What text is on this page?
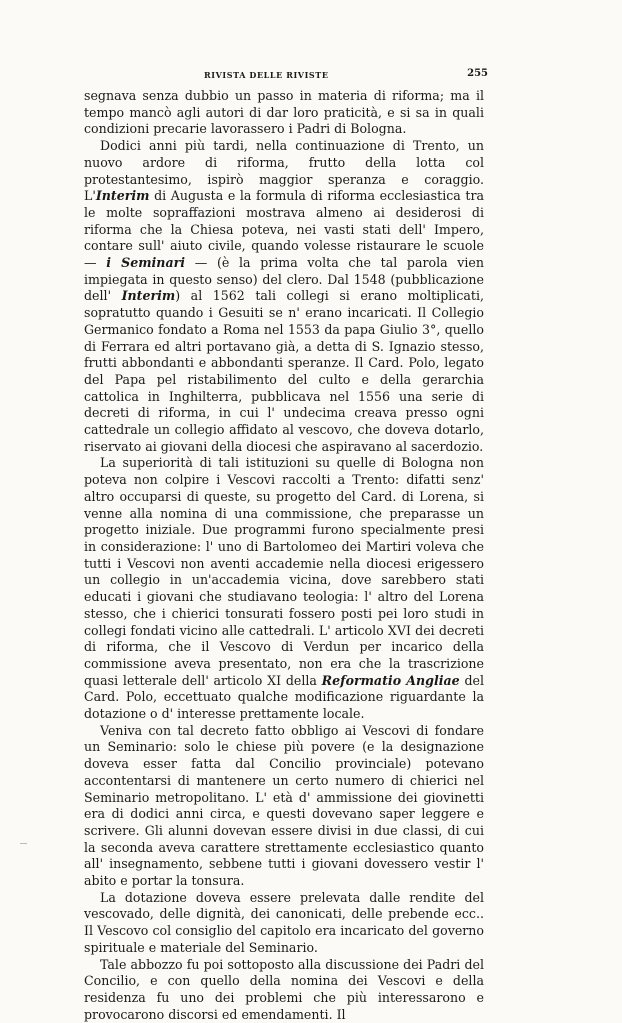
RIVISTA DELLE RIVISTE	255

segnava senza dubbio un passo in materia di riforma; ma il tempo mancò agli autori di dar loro praticità, e si sa in quali condizioni precarie lavorassero i Padri di Bologna.

Dodici anni più tardi, nella continuazione di Trento, un nuovo ardore di riforma, frutto della lotta col protestantesimo, ispirò maggior speranza e coraggio. L'Interim di Augusta e la formula di riforma ecclesiastica tra le molte sopraffazioni mostrava almeno ai desiderosi di riforma che la Chiesa poteva, nei vasti stati dell' Impero, contare sull' aiuto civile, quando volesse ristaurare le scuole — i Seminari — (è la prima volta che tal parola vien impiegata in questo senso) del clero. Dal 1548 (pubblicazione dell' Interim) al 1562 tali collegi si erano moltiplicati, sopratutto quando i Gesuiti se n' erano incaricati. Il Collegio Germanico fondato a Roma nel 1553 da papa Giulio 3°, quello di Ferrara ed altri portavano già, a detta di S. Ignazio stesso, frutti abbondanti e abbondanti speranze. Il Card. Polo, legato del Papa pel ristabilimento del culto e della gerarchia cattolica in Inghilterra, pubblicava nel 1556 una serie di decreti di riforma, in cui l' undecima creava presso ogni cattedrale un collegio affidato al vescovo, che doveva dotarlo, riservato ai giovani della diocesi che aspiravano al sacerdozio.

La superiorità di tali istituzioni su quelle di Bologna non poteva non colpire i Vescovi raccolti a Trento: difatti senz' altro occuparsi di queste, su progetto del Card. di Lorena, si venne alla nomina di una commissione, che preparasse un progetto iniziale. Due programmi furono specialmente presi in considerazione: l' uno di Bartolomeo dei Martiri voleva che tutti i Vescovi non aventi accademie nella diocesi erigessero un collegio in un'accademia vicina, dove sarebbero stati educati i giovani che studiavano teologia: l' altro del Lorena stesso, che i chierici tonsurati fossero posti pei loro studi in collegi fondati vicino alle cattedrali. L' articolo XVI dei decreti di riforma, che il Vescovo di Verdun per incarico della commissione aveva presentato, non era che la trascrizione quasi letterale dell' articolo XI della Reformatio Angliae del Card. Polo, eccettuato qualche modificazione riguardante la dotazione o d' interesse prettamente locale.

Veniva con tal decreto fatto obbligo ai Vescovi di fondare un Seminario: solo le chiese più povere (e la designazione doveva esser fatta dal Concilio provinciale) potevano accontentarsi di mantenere un certo numero di chierici nel Seminario metropolitano. L' età d' ammissione dei giovinetti era di dodici anni circa, e questi dovevano saper leggere e scrivere. Gli alunni dovevan essere divisi in due classi, di cui la seconda aveva carattere strettamente ecclesiastico quanto all' insegnamento, sebbene tutti i giovani dovessero vestir l' abito e portar la tonsura.

La dotazione doveva essere prelevata dalle rendite del vescovado, delle dignità, dei canonicati, delle prebende ecc.. Il Vescovo col consiglio del capitolo era incaricato del governo spirituale e materiale del Seminario.

Tale abbozzo fu poi sottoposto alla discussione dei Padri del Concilio, e con quello della nomina dei Vescovi e della residenza fu uno dei problemi che più interessarono e provocarono discorsi ed emendamenti. Il
